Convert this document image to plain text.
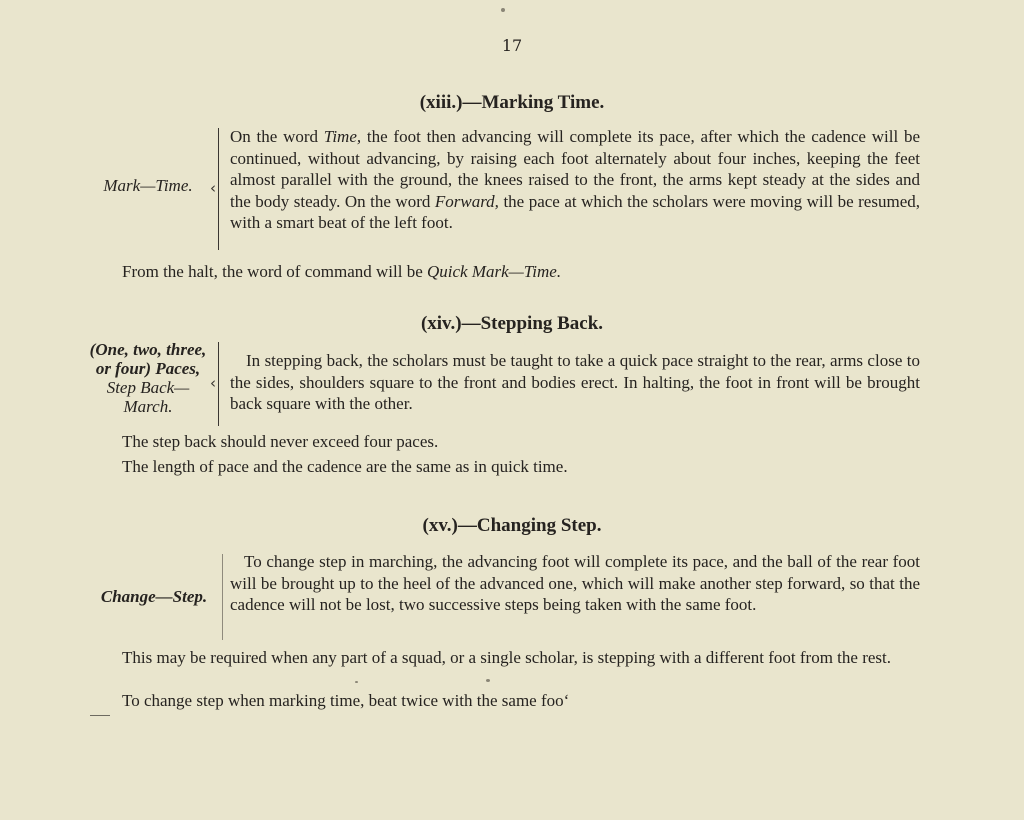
17
(xiii.)—Marking Time.
Mark—Time.	‹
On the word Time, the foot then advancing will complete its pace, after which the cadence will be continued, without advancing, by raising each foot alternately about four inches, keeping the feet almost parallel with the ground, the knees raised to the front, the arms kept steady at the sides and the body steady. On the word Forward, the pace at which the scholars were moving will be resumed, with a smart beat of the left foot.
From the halt, the word of command will be Quick Mark—Time.
(xiv.)—Stepping Back.
(One, two, three,
or four) Paces,
Step Back—
March.
‹
In stepping back, the scholars must be taught to take a quick pace straight to the rear, arms close to the sides, shoulders square to the front and bodies erect. In halting, the foot in front will be brought back square with the other.
The step back should never exceed four paces.
The length of pace and the cadence are the same as in quick time.
(xv.)—Changing Step.
Change—Step.
To change step in marching, the advancing foot will complete its pace, and the ball of the rear foot will be brought up to the heel of the advanced one, which will make another step forward, so that the cadence will not be lost, two successive steps being taken with the same foot.
This may be required when any part of a squad, or a single scholar, is stepping with a different foot from the rest.
To change step when marking time, beat twice with the same foo‘
